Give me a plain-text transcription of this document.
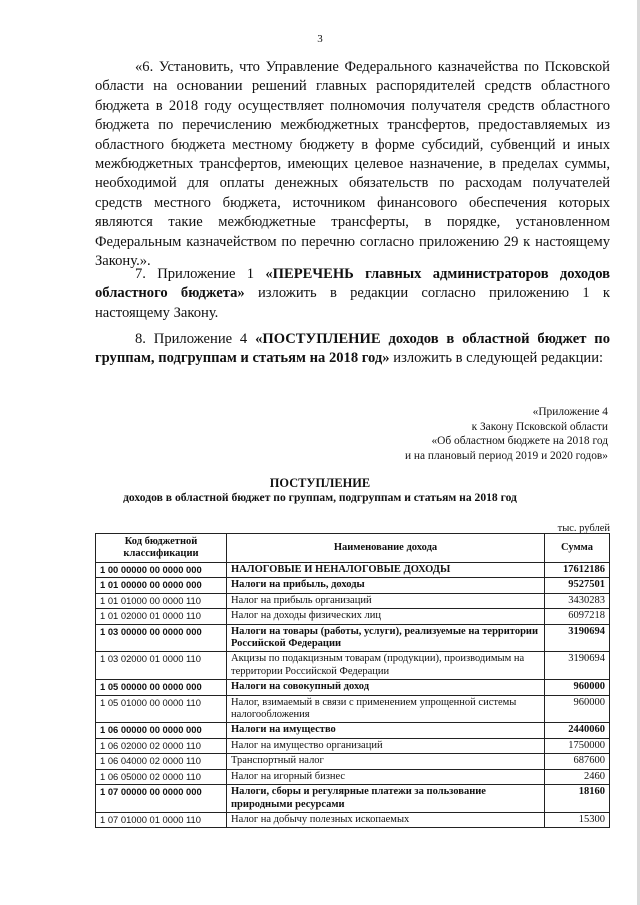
3

«6. Установить, что Управление Федерального казначейства по Псковской области на основании решений главных распорядителей средств областного бюджета в 2018 году осуществляет полномочия получателя средств областного бюджета по перечислению межбюджетных трансфертов, предоставляемых из областного бюджета местному бюджету в форме субсидий, субвенций и иных межбюджетных трансфертов, имеющих целевое назначение, в пределах суммы, необходимой для оплаты денежных обязательств по расходам получателей средств местного бюджета, источником финансового обеспечения которых являются такие межбюджетные трансферты, в порядке, установленном Федеральным казначейством по перечню согласно приложению 29 к настоящему Закону.».

7. Приложение 1 «ПЕРЕЧЕНЬ главных администраторов доходов областного бюджета» изложить в редакции согласно приложению 1 к настоящему Закону.

8. Приложение 4 «ПОСТУПЛЕНИЕ доходов в областной бюджет по группам, подгруппам и статьям на 2018 год» изложить в следующей редакции:

«Приложение 4
к Закону Псковской области
«Об областном бюджете на 2018 год
и на плановый период 2019 и 2020 годов»
ПОСТУПЛЕНИЕ
доходов в областной бюджет по группам, подгруппам и статьям на 2018 год
тыс. рублей
Код бюджетной классификации	Наименование дохода	Сумма
1 00 00000 00 0000 000	НАЛОГОВЫЕ И НЕНАЛОГОВЫЕ ДОХОДЫ	17612186
1 01 00000 00 0000 000	Налоги на прибыль, доходы	9527501
1 01 01000 00 0000 110	Налог на прибыль организаций	3430283
1 01 02000 01 0000 110	Налог на доходы физических лиц	6097218
1 03 00000 00 0000 000	Налоги на товары (работы, услуги), реализуемые на территории Российской Федерации	3190694
1 03 02000 01 0000 110	Акцизы по подакцизным товарам (продукции), производимым на территории Российской Федерации	3190694
1 05 00000 00 0000 000	Налоги на совокупный доход	960000
1 05 01000 00 0000 110	Налог, взимаемый в связи с применением упрощенной системы налогообложения	960000
1 06 00000 00 0000 000	Налоги на имущество	2440060
1 06 02000 02 0000 110	Налог на имущество организаций	1750000
1 06 04000 02 0000 110	Транспортный налог	687600
1 06 05000 02 0000 110	Налог на игорный бизнес	2460
1 07 00000 00 0000 000	Налоги, сборы и регулярные платежи за пользование природными ресурсами	18160
1 07 01000 01 0000 110	Налог на добычу полезных ископаемых	15300
